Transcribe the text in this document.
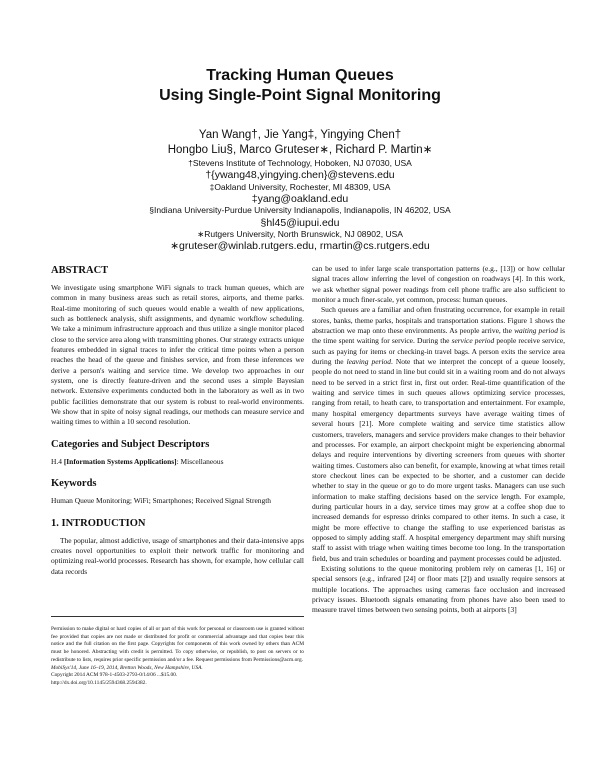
Tracking Human Queues
Using Single-Point Signal Monitoring
Yan Wang†, Jie Yang‡, Yingying Chen†
Hongbo Liu§, Marco Gruteser∗, Richard P. Martin∗
†Stevens Institute of Technology, Hoboken, NJ 07030, USA
†{ywang48,yingying.chen}@stevens.edu
‡Oakland University, Rochester, MI 48309, USA
‡yang@oakland.edu
§Indiana University-Purdue University Indianapolis, Indianapolis, IN 46202, USA
§hl45@iupui.edu
∗Rutgers University, North Brunswick, NJ 08902, USA
∗gruteser@winlab.rutgers.edu, rmartin@cs.rutgers.edu
ABSTRACT

We investigate using smartphone WiFi signals to track human queues, which are common in many business areas such as retail stores, airports, and theme parks. Real-time monitoring of such queues would enable a wealth of new applications, such as bottleneck analysis, shift assignments, and dynamic workflow scheduling. We take a minimum infrastructure approach and thus utilize a single monitor placed close to the service area along with transmitting phones. Our strategy extracts unique features embedded in signal traces to infer the critical time points when a person reaches the head of the queue and finishes service, and from these inferences we derive a person's waiting and service time. We develop two approaches in our system, one is directly feature-driven and the second uses a simple Bayesian network. Extensive experiments conducted both in the laboratory as well as in two public facilities demonstrate that our system is robust to real-world environments. We show that in spite of noisy signal readings, our methods can measure service and waiting times to within a 10 second resolution.

Categories and Subject Descriptors

H.4 [Information Systems Applications]: Miscellaneous

Keywords

Human Queue Monitoring; WiFi; Smartphones; Received Signal Strength

1. INTRODUCTION

The popular, almost addictive, usage of smartphones and their data-intensive apps creates novel opportunities to exploit their network traffic for monitoring and optimizing real-world processes. Research has shown, for example, how cellular call data records

Permission to make digital or hard copies of all or part of this work for personal or classroom use is granted without fee provided that copies are not made or distributed for profit or commercial advantage and that copies bear this notice and the full citation on the first page. Copyrights for components of this work owned by others than ACM must be honored. Abstracting with credit is permitted. To copy otherwise, or republish, to post on servers or to redistribute to lists, requires prior specific permission and/or a fee. Request permissions from Permissions@acm.org.
MobiSys'14, June 16–19, 2014, Bretton Woods, New Hampshire, USA.
Copyright 2014 ACM 978-1-4503-2793-0/14/06 ...$15.00.
http://dx.doi.org/10.1145/2594368.2594382.

can be used to infer large scale transportation patterns (e.g., [13]) or how cellular signal traces allow inferring the level of congestion on roadways [4]. In this work, we ask whether signal power readings from cell phone traffic are also sufficient to monitor a much finer-scale, yet common, process: human queues.

Such queues are a familiar and often frustrating occurrence, for example in retail stores, banks, theme parks, hospitals and transportation stations. Figure 1 shows the abstraction we map onto these environments. As people arrive, the waiting period is the time spent waiting for service. During the service period people receive service, such as paying for items or checking-in travel bags. A person exits the service area during the leaving period. Note that we interpret the concept of a queue loosely, people do not need to stand in line but could sit in a waiting room and do not always need to be served in a strict first in, first out order. Real-time quantification of the waiting and service times in such queues allows optimizing service processes, ranging from retail, to heath care, to transportation and entertainment. For example, many hospital emergency departments surveys have average waiting times of several hours [21]. More complete waiting and service time statistics allow customers, travelers, managers and service providers make changes to their behavior and processes. For example, an airport checkpoint might be experiencing abnormal delays and require interventions by diverting screeners from queues with shorter waiting times. Customers also can benefit, for example, knowing at what times retail store checkout lines can be expected to be shorter, and a customer can decide whether to stay in the queue or go to do more urgent tasks. Managers can use such information to make staffing decisions based on the service length. For example, during particular hours in a day, service times may grow at a coffee shop due to increased demands for espresso drinks compared to other items. In such a case, it might be more effective to change the staffing to use experienced baristas as opposed to simply adding staff. A hospital emergency department may shift nursing staff to assist with triage when waiting times become too long. In the transportation field, bus and train schedules or boarding and payment processes could be adjusted.

Existing solutions to the queue monitoring problem rely on cameras [1, 16] or special sensors (e.g., infrared [24] or floor mats [2]) and usually require sensors at multiple locations. The approaches using cameras face occlusion and increased privacy issues. Bluetooth signals emanating from phones have also been used to measure travel times between two sensing points, both at airports [3]
